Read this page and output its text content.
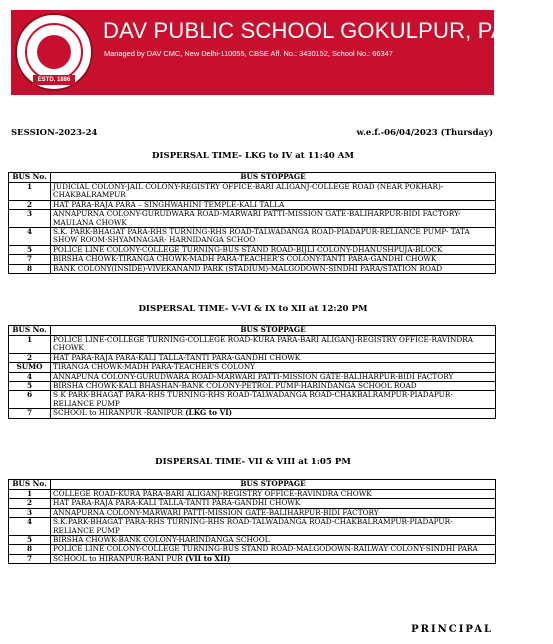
ESTD. 1886
DAV PUBLIC SCHOOL GOKULPUR, PAKUR
Managed by DAV CMC, New Delhi-110055, CBSE Aff. No.: 3430152, School No.: 66347
SESSION-2023-24	w.e.f.-06/04/2023 (Thursday)
DISPERSAL TIME- LKG to IV at 11:40 AM
BUS No.	BUS STOPPAGE
1	JUDICIAL COLONY-JAIL COLONY-REGISTRY OFFICE-BARI ALIGANJ-COLLEGE ROAD (NEAR POKHAR)-CHAKBALRAMPUR
2	HAT PARA-RAJA PARA – SINGHWAHINI TEMPLE-KALI TALLA
3	ANNAPURNA COLONY-GURUDWARA ROAD-MARWARI PATTI-MISSION GATE-BALIHARPUR-BIDI FACTORY- MAULANA CHOWK
4	S.K. PARK-BHAGAT PARA-RHS TURNING-RHS ROAD-TALWADANGA ROAD-PIADAPUR-RELIANCE PUMP- TATA SHOW ROOM-SHYAMNAGAR- HARNIDANGA SCHOO
5	POLICE LINE COLONY-COLLEGE TURNING-BUS STAND ROAD-BIJLI COLONY-DHANUSHPUJA-BLOCK
7	BIRSHA CHOWK-TIRANGA CHOWK-MADH PARA-TEACHER'S COLONY-TANTI PARA-GANDHI CHOWK
8	BANK COLONY(INSIDE)-VIVEKANAND PARK (STADIUM)-MALGODOWN-SINDHI PARA/STATION ROAD
DISPERSAL TIME- V-VI & IX to XII at 12:20 PM
BUS No.	BUS STOPPAGE
1	POLICE LINE-COLLEGE TURNING-COLLEGE ROAD-KURA PARA-BARI ALIGANJ-REGISTRY OFFICE-RAVINDRA CHOWK
2	HAT PARA-RAJA PARA-KALI TALLA-TANTI PARA-GANDHI CHOWK
SUMO	TIRANGA CHOWK-MADH PARA-TEACHER'S COLONY
4	ANNAPUNA COLONY-GURUDWARA ROAD-MARWARI PATTI-MISSION GATE-BALIHARPUR-BIDI FACTORY
5	BIRSHA CHOWK-KALI BHASHAN-BANK COLONY-PETROL PUMP-HARINDANGA SCHOOL ROAD
6	S K PARK-BHAGAT PARA-RHS TURNING-RHS ROAD-TALWADANGA ROAD-CHAKBALRAMPUR-PIADAPUR-RELIANCE PUMP
7	SCHOOL to HIRANPUR -RANIPUR (LKG to VI)
DISPERSAL TIME- VII & VIII at 1:05 PM
BUS No.	BUS STOPPAGE
1	COLLEGE ROAD-KURA PARA-BARI ALIGANJ-REGISTRY OFFICE-RAVINDRA CHOWK
2	HAT PARA-RAJA PARA-KALI TALLA-TANTI PARA-GANDHI CHOWK
3	ANNAPURNA COLONY-MARWARI PATTI-MISSION GATE-BALIHARPUR-BIDI FACTORY
4	S.K.PARK-BHAGAT PARA-RHS TURNING-RHS ROAD-TALWADANGA ROAD-CHAKBALRAMPUR-PIADAPUR-RELIANCE PUMP
5	BIRSHA CHOWK-BANK COLONY-HARINDANGA SCHOOL
8	POLICE LINE COLONY-COLLEGE TURNING-BUS STAND ROAD-MALGODOWN-RAILWAY COLONY-SINDHI PARA
7	SCHOOL to HIRANPUR-RANI PUR (VII to XII)
PRINCIPAL
